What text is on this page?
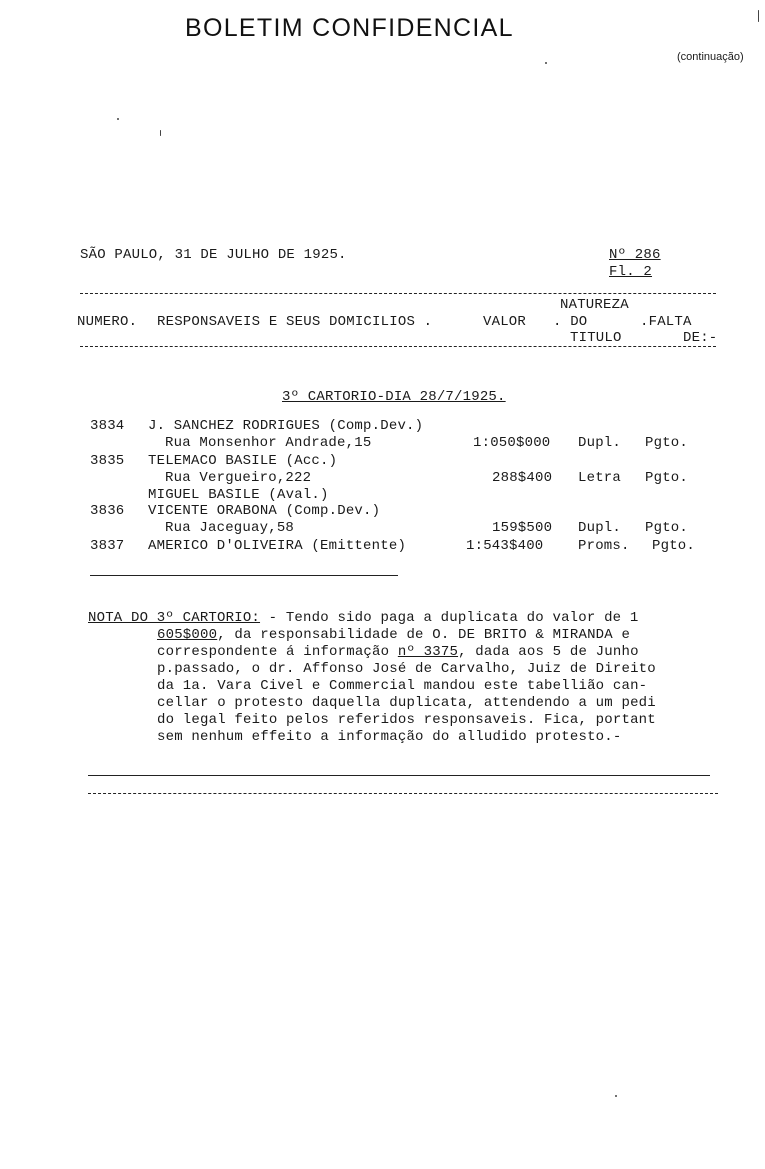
BOLETIM CONFIDENCIAL
(continuação)
SÃO PAULO, 31 DE JULHO DE 1925.	Nº 286
Fl. 2
NATUREZA
NUMERO. RESPONSAVEIS E SEUS DOMICILIOS .	VALOR . DO	.FALTA
TITULO	DE:-
3º CARTORIO-DIA 28/7/1925.
3834 J. SANCHEZ RODRIGUES (Comp.Dev.)
Rua Monsenhor Andrade,15	1:050$000 Dupl. Pgto.
3835 TELEMACO BASILE (Acc.)
Rua Vergueiro,222	288$400 Letra Pgto.
MIGUEL BASILE (Aval.)
3836 VICENTE ORABONA (Comp.Dev.)
Rua Jaceguay,58	159$500 Dupl. Pgto.
3837 AMERICO D'OLIVEIRA (Emittente)	1:543$400 Proms. Pgto.
NOTA DO 3º CARTORIO: - Tendo sido paga a duplicata do valor de 1
605$000, da responsabilidade de O. DE BRITO & MIRANDA e
correspondente á informação nº 3375, dada aos 5 de Junho
p.passado, o dr. Affonso José de Carvalho, Juiz de Direito
da 1a. Vara Civel e Commercial mandou este tabellião can-
cellar o protesto daquella duplicata, attendendo a um pedi
do legal feito pelos referidos responsaveis. Fica, portant
sem nenhum effeito a informação do alludido protesto.-
